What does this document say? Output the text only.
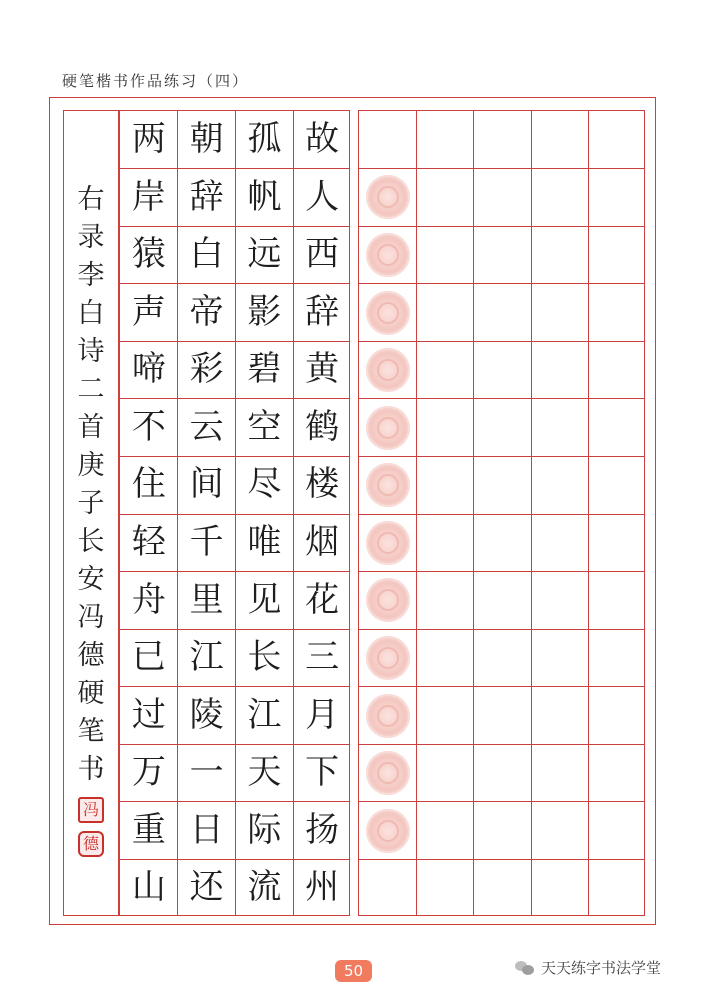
硬笔楷书作品练习（四）
右
录
李
白
诗
二
首
庚
子
长
安
冯
德
硬
笔
书
冯
德
故
人
西
辞
黄
鹤
楼
烟
花
三
月
下
扬
州
孤
帆
远
影
碧
空
尽
唯
见
长
江
天
际
流
朝
辞
白
帝
彩
云
间
千
里
江
陵
一
日
还
两
岸
猿
声
啼
不
住
轻
舟
已
过
万
重
山
50	天天练字书法学堂
